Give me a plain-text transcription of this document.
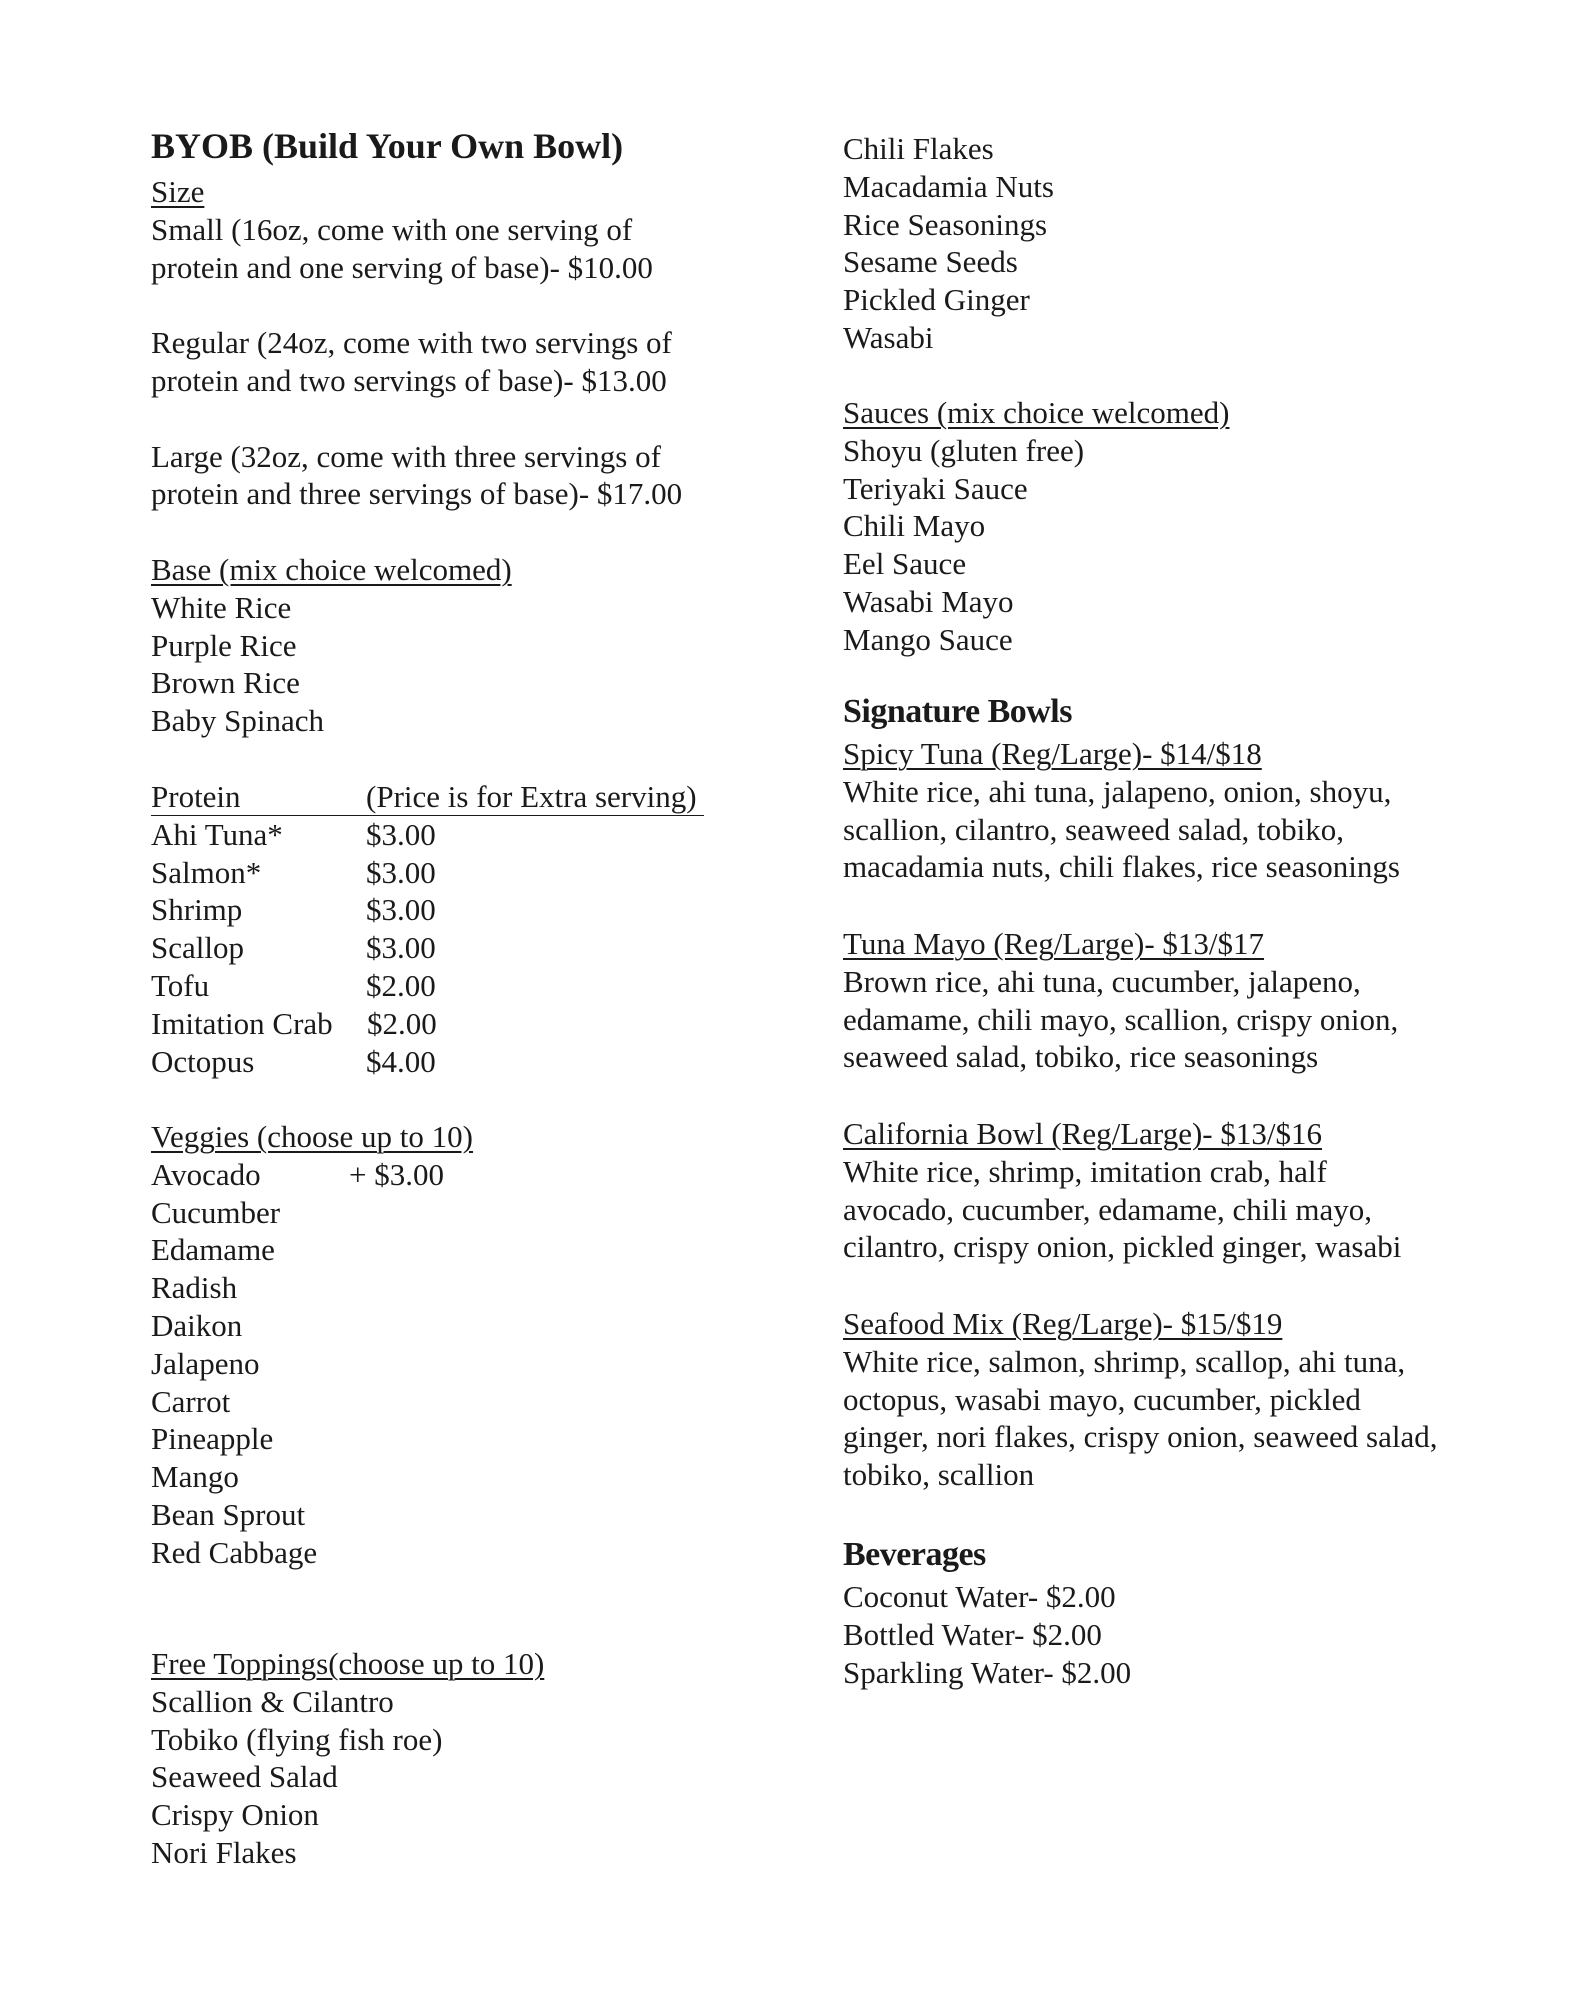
BYOB (Build Your Own Bowl)
Size
Small (16oz, come with one serving of
protein and one serving of base)- $10.00
Regular (24oz, come with two servings of
protein and two servings of base)- $13.00
Large (32oz, come with three servings of
protein and three servings of base)- $17.00
Base (mix choice welcomed)
White Rice
Purple Rice
Brown Rice
Baby Spinach
Protein	(Price is for Extra serving)
Ahi Tuna*	$3.00
Salmon*	$3.00
Shrimp	$3.00
Scallop	$3.00
Tofu	$2.00
Imitation Crab $2.00
Octopus	$4.00
Veggies (choose up to 10)
Avocado	+ $3.00
Cucumber
Edamame
Radish
Daikon
Jalapeno
Carrot
Pineapple
Mango
Bean Sprout
Red Cabbage
Free Toppings(choose up to 10)
Scallion & Cilantro
Tobiko (flying fish roe)
Seaweed Salad
Crispy Onion
Nori Flakes
Chili Flakes
Macadamia Nuts
Rice Seasonings
Sesame Seeds
Pickled Ginger
Wasabi
Sauces (mix choice welcomed)
Shoyu (gluten free)
Teriyaki Sauce
Chili Mayo
Eel Sauce
Wasabi Mayo
Mango Sauce
Signature Bowls
Spicy Tuna (Reg/Large)- $14/$18
White rice, ahi tuna, jalapeno, onion, shoyu, scallion, cilantro, seaweed salad, tobiko, macadamia nuts, chili flakes, rice seasonings
Tuna Mayo (Reg/Large)- $13/$17
Brown rice, ahi tuna, cucumber, jalapeno, edamame, chili mayo, scallion, crispy onion, seaweed salad, tobiko, rice seasonings
California Bowl (Reg/Large)- $13/$16
White rice, shrimp, imitation crab, half avocado, cucumber, edamame, chili mayo, cilantro, crispy onion, pickled ginger, wasabi
Seafood Mix (Reg/Large)- $15/$19
White rice, salmon, shrimp, scallop, ahi tuna, octopus, wasabi mayo, cucumber, pickled ginger, nori flakes, crispy onion, seaweed salad, tobiko, scallion
Beverages
Coconut Water- $2.00
Bottled Water- $2.00
Sparkling Water- $2.00
